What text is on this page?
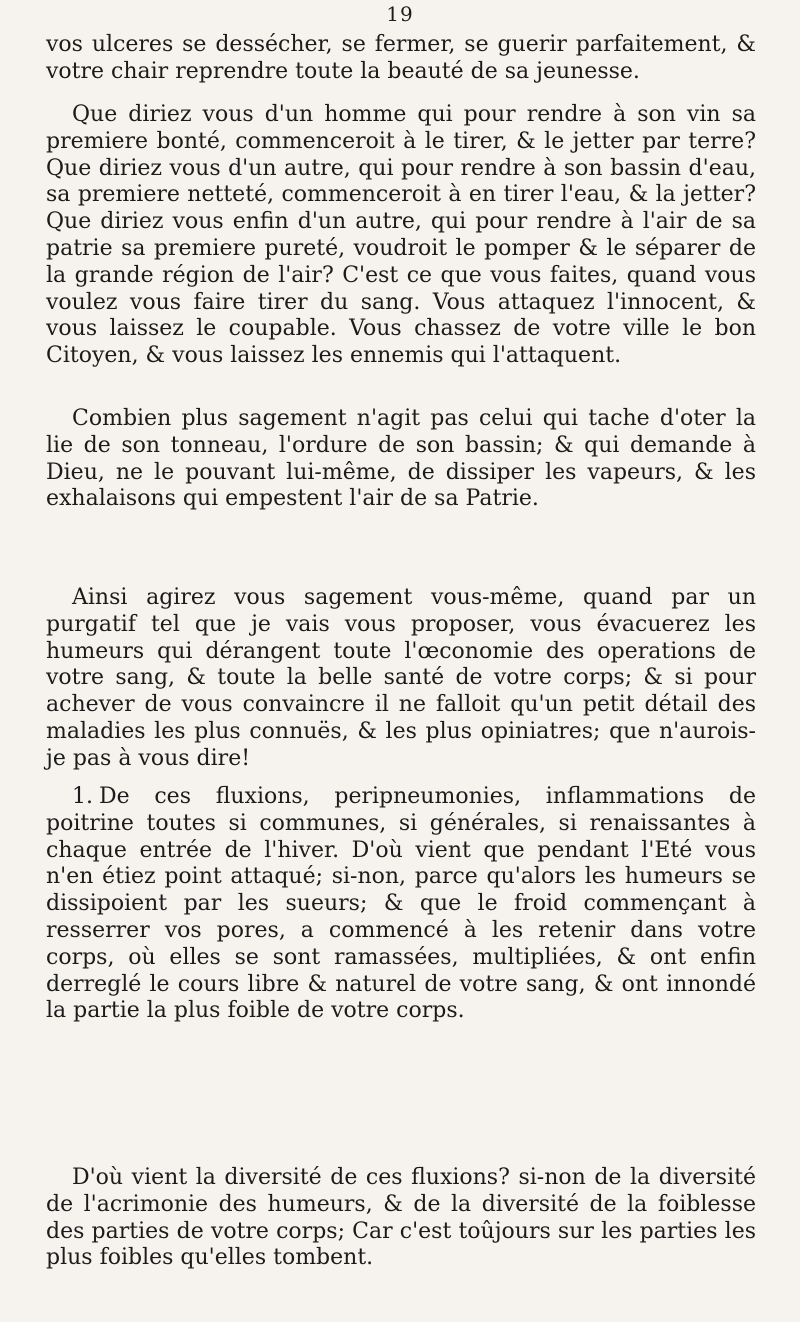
19

vos ulceres se dessécher, se fermer, se guerir parfaitement, & votre chair reprendre toute la beauté de sa jeunesse.

Que diriez vous d'un homme qui pour rendre à son vin sa premiere bonté, commenceroit à le tirer, & le jetter par terre? Que diriez vous d'un autre, qui pour rendre à son bassin d'eau, sa premiere netteté, commenceroit à en tirer l'eau, & la jetter? Que diriez vous enfin d'un autre, qui pour rendre à l'air de sa patrie sa premiere pureté, voudroit le pomper & le séparer de la grande région de l'air? C'est ce que vous faites, quand vous voulez vous faire tirer du sang. Vous attaquez l'innocent, & vous laissez le coupable. Vous chassez de votre ville le bon Citoyen, & vous laissez les ennemis qui l'attaquent.

Combien plus sagement n'agit pas celui qui tache d'oter la lie de son tonneau, l'ordure de son bassin; & qui demande à Dieu, ne le pouvant lui-même, de dissiper les vapeurs, & les exhalaisons qui empestent l'air de sa Patrie.

Ainsi agirez vous sagement vous-même, quand par un purgatif tel que je vais vous proposer, vous évacuerez les humeurs qui dérangent toute l'œconomie des operations de votre sang, & toute la belle santé de votre corps; & si pour achever de vous convaincre il ne falloit qu'un petit détail des maladies les plus connuës, & les plus opiniatres; que n'aurois-je pas à vous dire!

1. De ces fluxions, peripneumonies, inflammations de poitrine toutes si communes, si générales, si renaissantes à chaque entrée de l'hiver. D'où vient que pendant l'Eté vous n'en étiez point attaqué; si-non, parce qu'alors les humeurs se dissipoient par les sueurs; & que le froid commençant à resserrer vos pores, a commencé à les retenir dans votre corps, où elles se sont ramassées, multipliées, & ont enfin derreglé le cours libre & naturel de votre sang, & ont innondé la partie la plus foible de votre corps.

D'où vient la diversité de ces fluxions? si-non de la diversité de l'acrimonie des humeurs, & de la diversité de la foiblesse des parties de votre corps; Car c'est toûjours sur les parties les plus foibles qu'elles tombent.
